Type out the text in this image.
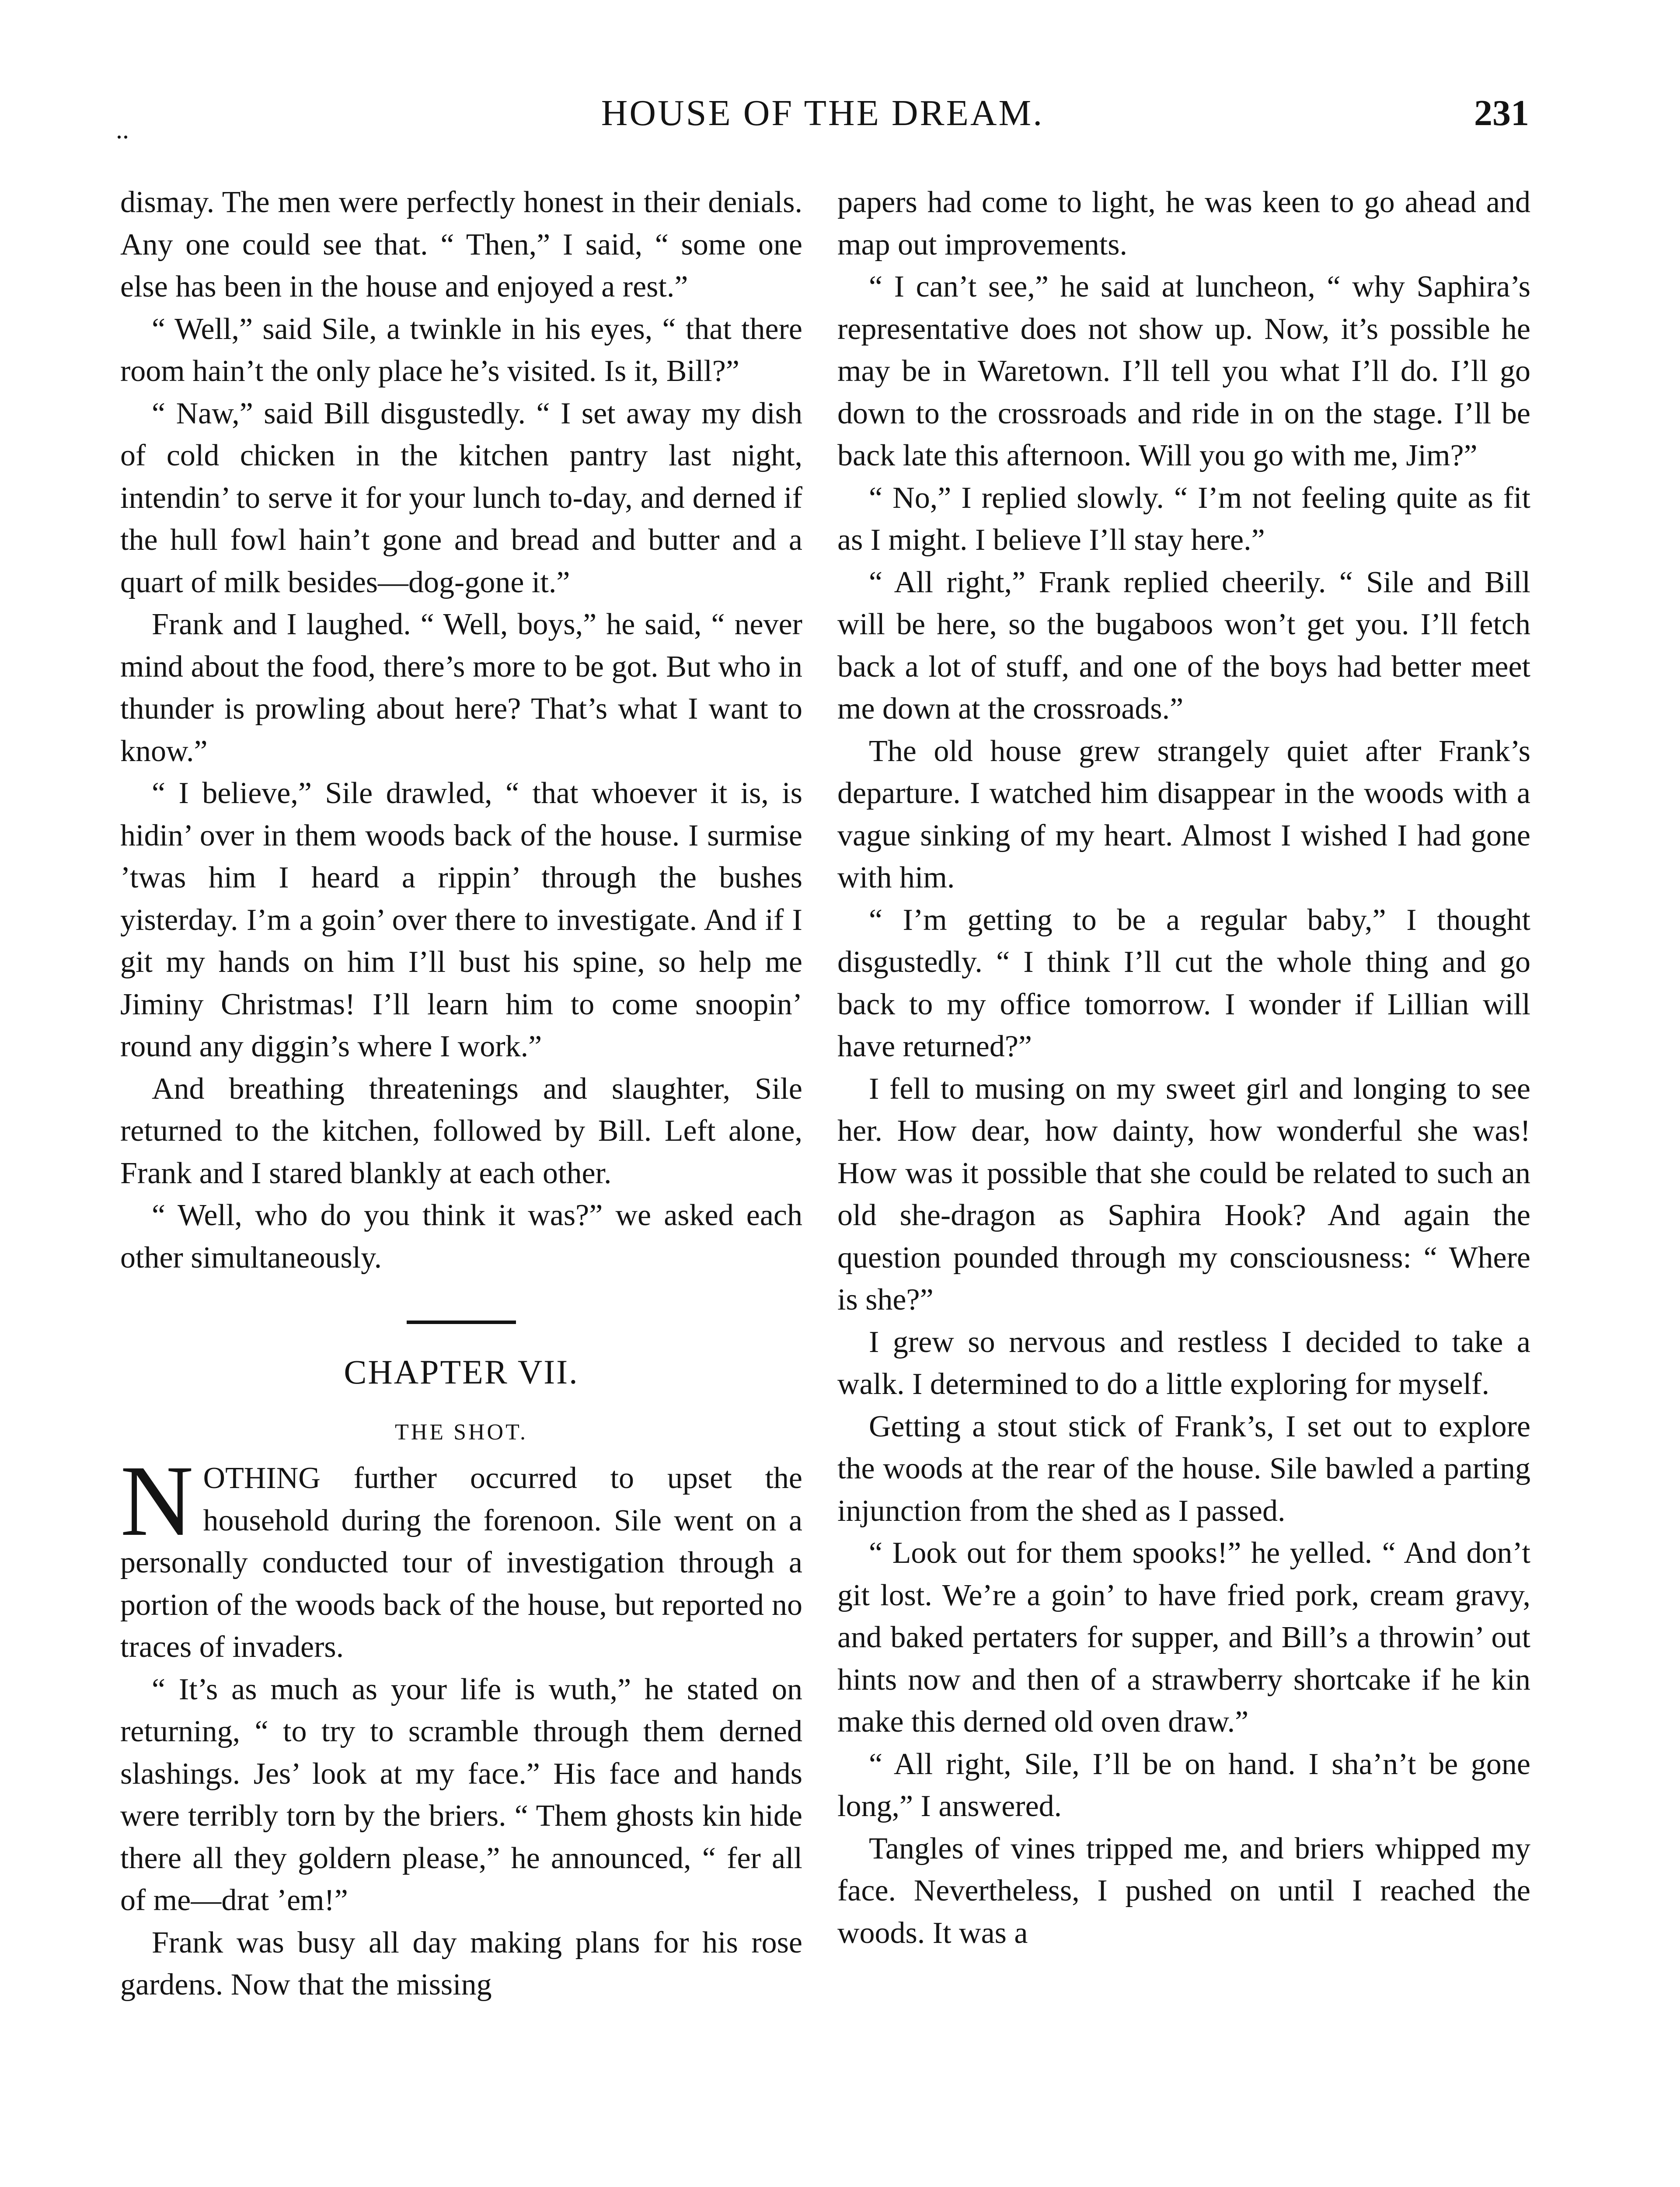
..	HOUSE OF THE DREAM.	231

dismay. The men were perfectly honest in their denials. Any one could see that. “ Then,” I said, “ some one else has been in the house and enjoyed a rest.”

“ Well,” said Sile, a twinkle in his eyes, “ that there room hain’t the only place he’s visited. Is it, Bill?”

“ Naw,” said Bill disgustedly. “ I set away my dish of cold chicken in the kitchen pantry last night, intendin’ to serve it for your lunch to-day, and derned if the hull fowl hain’t gone and bread and butter and a quart of milk besides—dog-gone it.”

Frank and I laughed. “ Well, boys,” he said, “ never mind about the food, there’s more to be got. But who in thunder is prowling about here? That’s what I want to know.”

“ I believe,” Sile drawled, “ that whoever it is, is hidin’ over in them woods back of the house. I surmise ’twas him I heard a rippin’ through the bushes yisterday. I’m a goin’ over there to investigate. And if I git my hands on him I’ll bust his spine, so help me Jiminy Christmas! I’ll learn him to come snoopin’ round any diggin’s where I work.”

And breathing threatenings and slaughter, Sile returned to the kitchen, followed by Bill. Left alone, Frank and I stared blankly at each other.

“ Well, who do you think it was?” we asked each other simultaneously.

CHAPTER VII.
THE SHOT.

NOTHING further occurred to upset the household during the forenoon. Sile went on a personally conducted tour of investigation through a portion of the woods back of the house, but reported no traces of invaders.

“ It’s as much as your life is wuth,” he stated on returning, “ to try to scramble through them derned slashings. Jes’ look at my face.” His face and hands were terribly torn by the briers. “ Them ghosts kin hide there all they goldern please,” he announced, “ fer all of me—drat ’em!”

Frank was busy all day making plans for his rose gardens. Now that the missing

papers had come to light, he was keen to go ahead and map out improvements.

“ I can’t see,” he said at luncheon, “ why Saphira’s representative does not show up. Now, it’s possible he may be in Waretown. I’ll tell you what I’ll do. I’ll go down to the crossroads and ride in on the stage. I’ll be back late this afternoon. Will you go with me, Jim?”

“ No,” I replied slowly. “ I’m not feeling quite as fit as I might. I believe I’ll stay here.”

“ All right,” Frank replied cheerily. “ Sile and Bill will be here, so the bugaboos won’t get you. I’ll fetch back a lot of stuff, and one of the boys had better meet me down at the crossroads.”

The old house grew strangely quiet after Frank’s departure. I watched him disappear in the woods with a vague sinking of my heart. Almost I wished I had gone with him.

“ I’m getting to be a regular baby,” I thought disgustedly. “ I think I’ll cut the whole thing and go back to my office tomorrow. I wonder if Lillian will have returned?”

I fell to musing on my sweet girl and longing to see her. How dear, how dainty, how wonderful she was! How was it possible that she could be related to such an old she-dragon as Saphira Hook? And again the question pounded through my consciousness: “ Where is she?”

I grew so nervous and restless I decided to take a walk. I determined to do a little exploring for myself.

Getting a stout stick of Frank’s, I set out to explore the woods at the rear of the house. Sile bawled a parting injunction from the shed as I passed.

“ Look out for them spooks!” he yelled. “ And don’t git lost. We’re a goin’ to have fried pork, cream gravy, and baked pertaters for supper, and Bill’s a throwin’ out hints now and then of a strawberry shortcake if he kin make this derned old oven draw.”

“ All right, Sile, I’ll be on hand. I sha’n’t be gone long,” I answered.

Tangles of vines tripped me, and briers whipped my face. Nevertheless, I pushed on until I reached the woods. It was a
